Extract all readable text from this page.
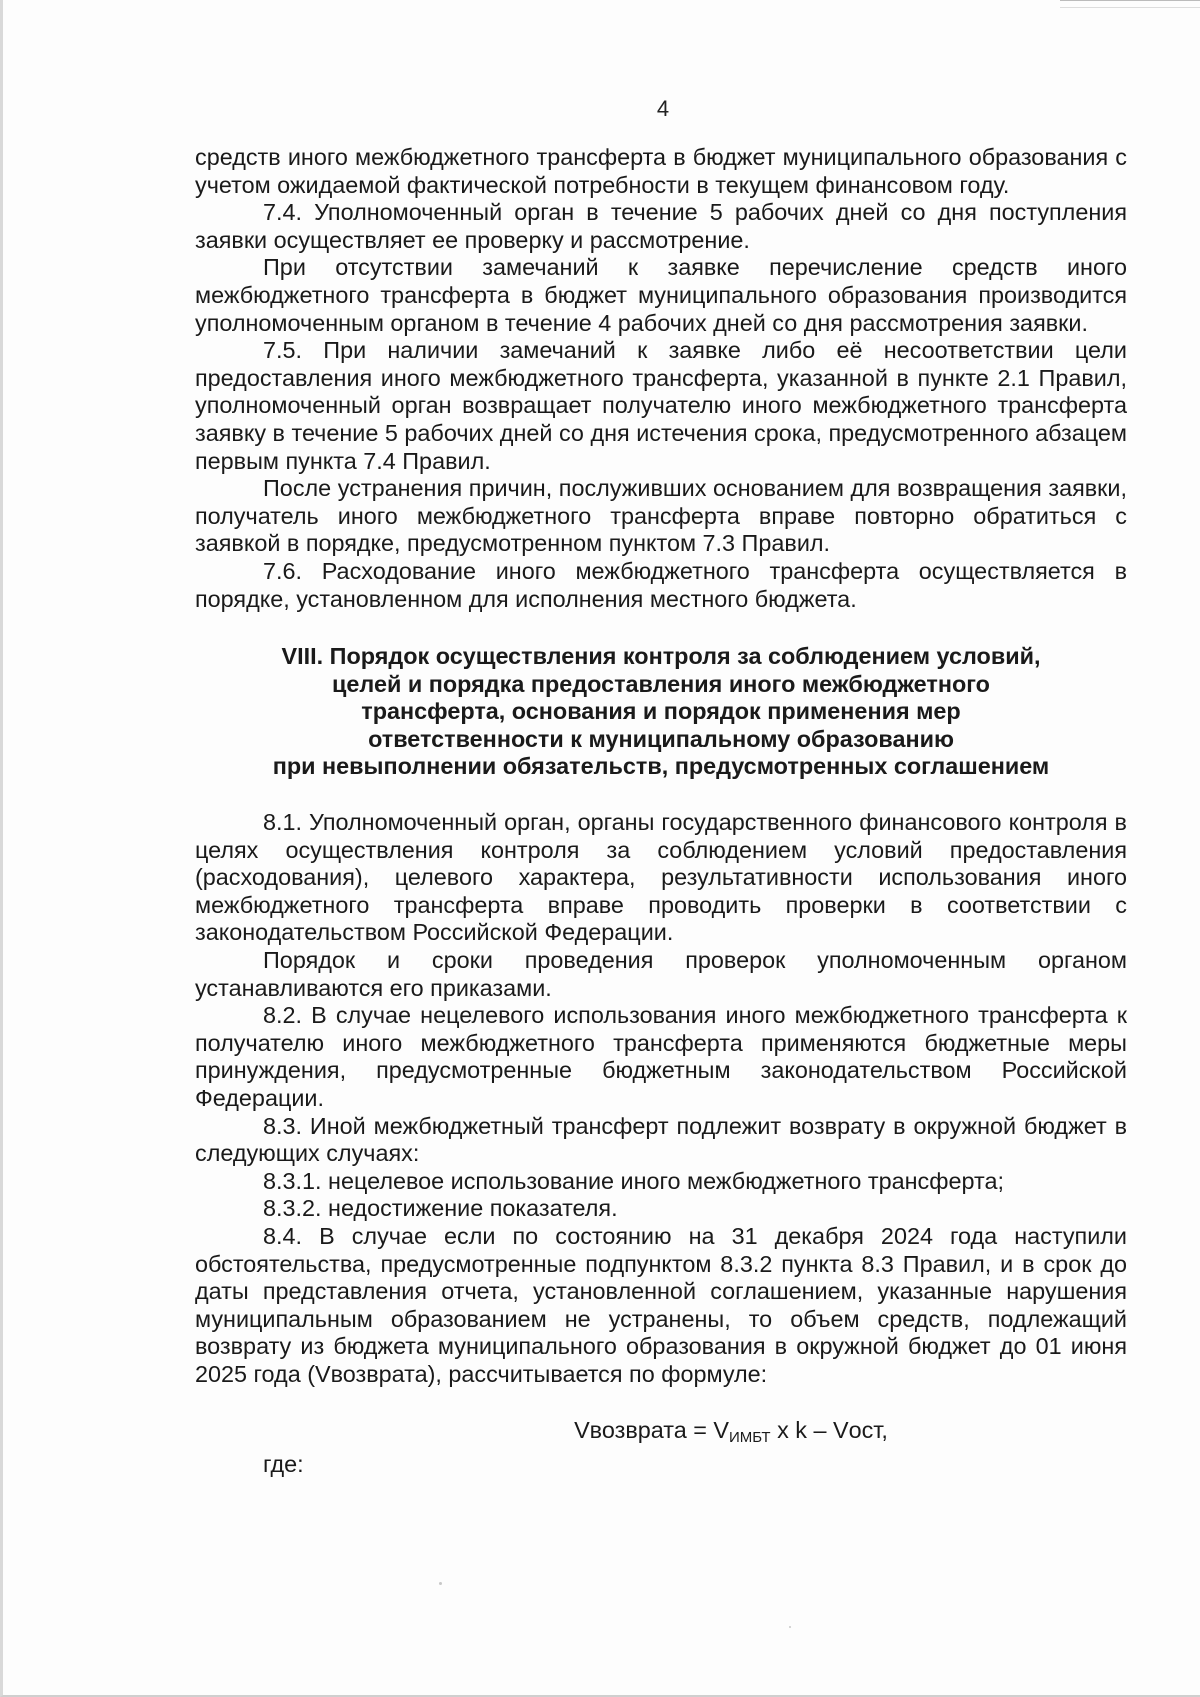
4

средств иного межбюджетного трансферта в бюджет муниципального образования с учетом ожидаемой фактической потребности в текущем финансовом году.

7.4. Уполномоченный орган в течение 5 рабочих дней со дня поступления заявки осуществляет ее проверку и рассмотрение.

При отсутствии замечаний к заявке перечисление средств иного межбюджетного трансферта в бюджет муниципального образования производится уполномоченным органом в течение 4 рабочих дней со дня рассмотрения заявки.

7.5. При наличии замечаний к заявке либо её несоответствии цели предоставления иного межбюджетного трансферта, указанной в пункте 2.1 Правил, уполномоченный орган возвращает получателю иного межбюджетного трансферта заявку в течение 5 рабочих дней со дня истечения срока, предусмотренного абзацем первым пункта 7.4 Правил.

После устранения причин, послуживших основанием для возвращения заявки, получатель иного межбюджетного трансферта вправе повторно обратиться с заявкой в порядке, предусмотренном пунктом 7.3 Правил.

7.6. Расходование иного межбюджетного трансферта осуществляется в порядке, установленном для исполнения местного бюджета.

VIII. Порядок осуществления контроля за соблюдением условий,
целей и порядка предоставления иного межбюджетного
трансферта, основания и порядок применения мер
ответственности к муниципальному образованию
при невыполнении обязательств, предусмотренных соглашением

8.1. Уполномоченный орган, органы государственного финансового контроля в целях осуществления контроля за соблюдением условий предоставления (расходования), целевого характера, результативности использования иного межбюджетного трансферта вправе проводить проверки в соответствии с законодательством Российской Федерации.

Порядок и сроки проведения проверок уполномоченным органом устанавливаются его приказами.

8.2. В случае нецелевого использования иного межбюджетного трансферта к получателю иного межбюджетного трансферта применяются бюджетные меры принуждения, предусмотренные бюджетным законодательством Российской Федерации.

8.3. Иной межбюджетный трансферт подлежит возврату в окружной бюджет в следующих случаях:

8.3.1. нецелевое использование иного межбюджетного трансферта;

8.3.2. недостижение показателя.

8.4. В случае если по состоянию на 31 декабря 2024 года наступили обстоятельства, предусмотренные подпунктом 8.3.2 пункта 8.3 Правил, и в срок до даты представления отчета, установленной соглашением, указанные нарушения муниципальным образованием не устранены, то объем средств, подлежащий возврату из бюджета муниципального образования в окружной бюджет до 01 июня 2025 года (Vвозврата), рассчитывается по формуле:

Vвозврата = $V_{ИМБТ}$ x k – Vост,
где:
